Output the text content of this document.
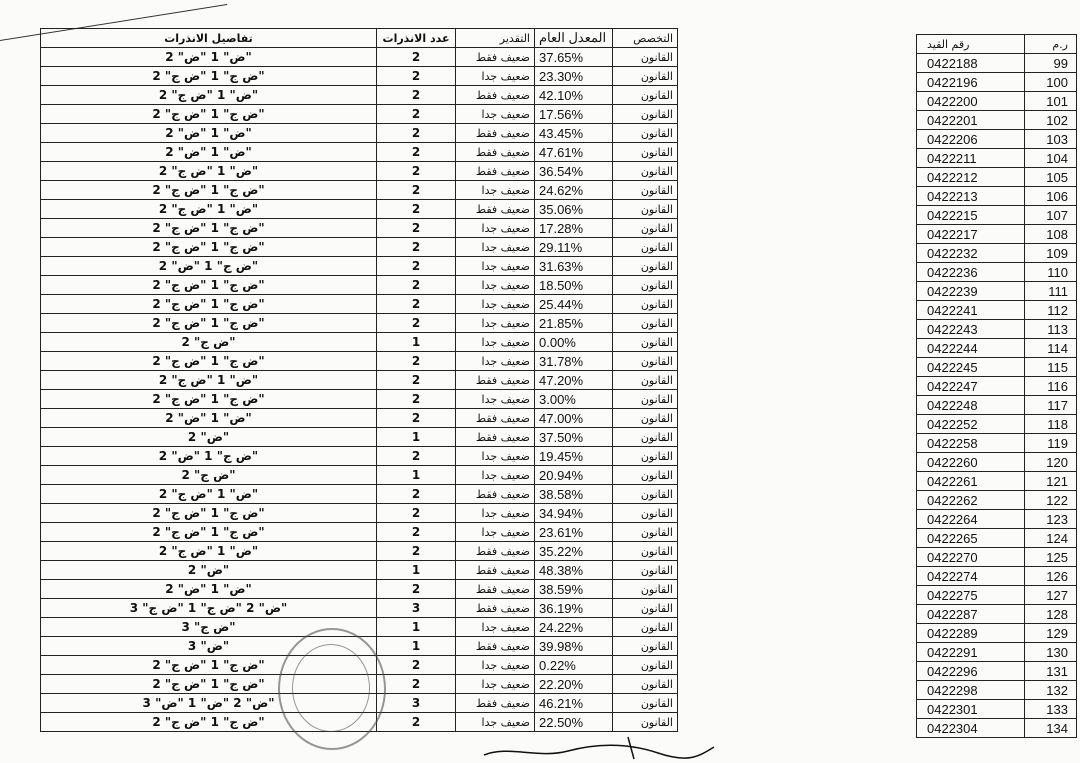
تفاصيل الانذرات	عدد الانذرات	التقدير	المعدل العام	التخصص
"ض" 1 "ض" 2	2	ضعيف فقط	37.65%	القانون
"ض ج" 1 "ض ج" 2	2	ضعيف جدا	23.30%	القانون
"ض" 1 "ض ج" 2	2	ضعيف فقط	42.10%	القانون
"ض ج" 1 "ض ج" 2	2	ضعيف جدا	17.56%	القانون
"ض" 1 "ض" 2	2	ضعيف فقط	43.45%	القانون
"ض" 1 "ض" 2	2	ضعيف فقط	47.61%	القانون
"ض" 1 "ض ج" 2	2	ضعيف فقط	36.54%	القانون
"ض ج" 1 "ض ج" 2	2	ضعيف جدا	24.62%	القانون
"ض" 1 "ض ج" 2	2	ضعيف فقط	35.06%	القانون
"ض ج" 1 "ض ج" 2	2	ضعيف جدا	17.28%	القانون
"ض ج" 1 "ض ج" 2	2	ضعيف جدا	29.11%	القانون
"ض ج" 1 "ض" 2	2	ضعيف جدا	31.63%	القانون
"ض ج" 1 "ض ج" 2	2	ضعيف جدا	18.50%	القانون
"ض ج" 1 "ض ج" 2	2	ضعيف جدا	25.44%	القانون
"ض ج" 1 "ض ج" 2	2	ضعيف جدا	21.85%	القانون
"ض ج" 2	1	ضعيف جدا	0.00%	القانون
"ض ج" 1 "ض ج" 2	2	ضعيف جدا	31.78%	القانون
"ض" 1 "ض ج" 2	2	ضعيف فقط	47.20%	القانون
"ض ج" 1 "ض ج" 2	2	ضعيف جدا	3.00%	القانون
"ض" 1 "ض" 2	2	ضعيف فقط	47.00%	القانون
"ض" 2	1	ضعيف فقط	37.50%	القانون
"ض ج" 1 "ض" 2	2	ضعيف جدا	19.45%	القانون
"ض ج" 2	1	ضعيف جدا	20.94%	القانون
"ض" 1 "ض ج" 2	2	ضعيف فقط	38.58%	القانون
"ض ج" 1 "ض ج" 2	2	ضعيف جدا	34.94%	القانون
"ض ج" 1 "ض ج" 2	2	ضعيف جدا	23.61%	القانون
"ض" 1 "ض ج" 2	2	ضعيف فقط	35.22%	القانون
"ض" 2	1	ضعيف فقط	48.38%	القانون
"ض" 1 "ض" 2	2	ضعيف فقط	38.59%	القانون
"ض" 2 "ض ج" 1 "ض ج" 3	3	ضعيف فقط	36.19%	القانون
"ض ج" 3	1	ضعيف جدا	24.22%	القانون
"ض" 3	1	ضعيف فقط	39.98%	القانون
"ض ج" 1 "ض ج" 2	2	ضعيف جدا	0.22%	القانون
"ض ج" 1 "ض ج" 2	2	ضعيف جدا	22.20%	القانون
"ض" 2 "ض" 1 "ض" 3	3	ضعيف فقط	46.21%	القانون
"ض ج" 1 "ض ج" 2	2	ضعيف جدا	22.50%	القانون
رقم القيد	ر.م
0422188	99
0422196	100
0422200	101
0422201	102
0422206	103
0422211	104
0422212	105
0422213	106
0422215	107
0422217	108
0422232	109
0422236	110
0422239	111
0422241	112
0422243	113
0422244	114
0422245	115
0422247	116
0422248	117
0422252	118
0422258	119
0422260	120
0422261	121
0422262	122
0422264	123
0422265	124
0422270	125
0422274	126
0422275	127
0422287	128
0422289	129
0422291	130
0422296	131
0422298	132
0422301	133
0422304	134
